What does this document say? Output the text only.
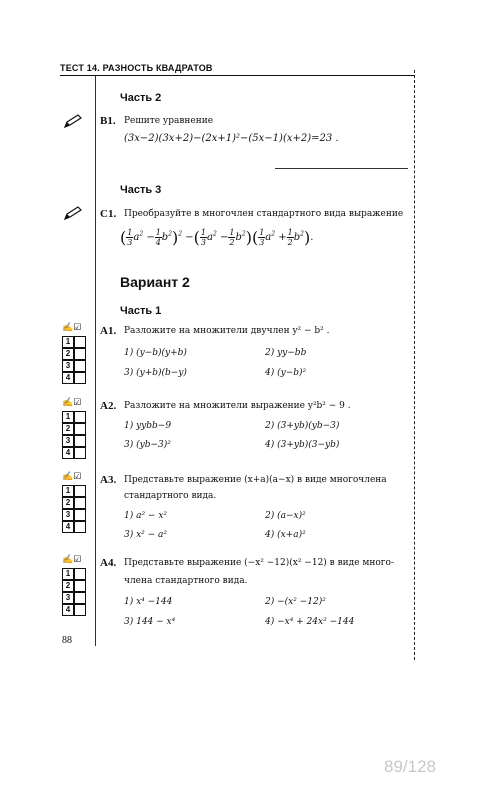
ТЕСТ 14. РАЗНОСТЬ КВАДРАТОВ
Часть 2
В1. Решите уравнение
(3x−2)(3x+2)−(2x+1)²−(5x−1)(x+2)=23 .
Часть 3
С1. Преобразуйте в многочлен стандартного вида выражение
( $\frac{1}{3} a^2 - \frac{1}{4} b^2)^2$ −( $\frac{1}{3} a^2 - \frac{1}{2} b^2)( \frac{1}{3} a^2 + \frac{1}{2} b^2)$.
Вариант 2
Часть 1
✍☑
1
2
3
4
✍☑
1
2
3
4
✍☑
1
2
3
4
✍☑
1
2
3
4
А1. Разложите на множители двучлен y² − b² .
1) (y−b)(y+b)	2) yy−bb
3) (y+b)(b−y)	4) (y−b)²
А2. Разложите на множители выражение y²b² − 9 .
1) yybb−9	2) (3+yb)(yb−3)
3) (yb−3)²	4) (3+yb)(3−yb)
А3. Представьте выражение (x+a)(a−x) в виде многочлена
стандартного вида.
1) a² − x²	2) (a−x)²
3) x² − a²	4) (x+a)²
А4. Представьте выражение (−x² −12)(x² −12) в виде много-
члена стандартного вида.
1) x⁴ −144	2) −(x² −12)²
3) 144 − x⁴	4) −x⁴ + 24x² −144
88
89/128
